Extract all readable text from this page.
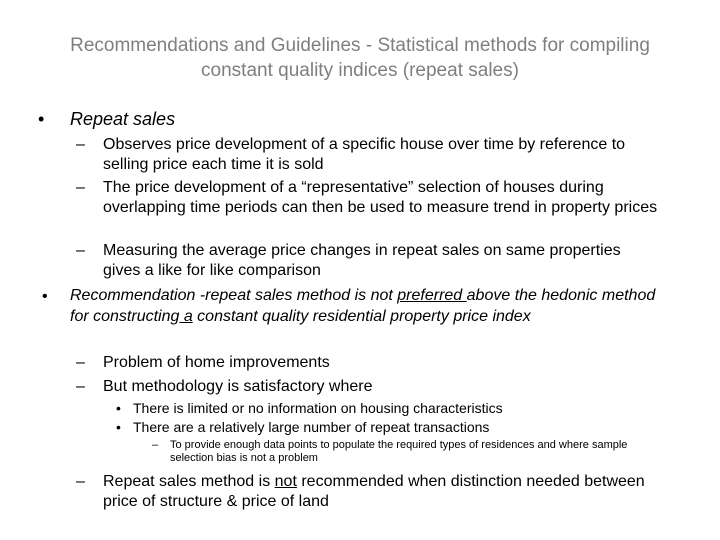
Recommendations and Guidelines - Statistical methods for compiling constant quality indices (repeat sales)
• Repeat sales
– Observes price development of a specific house over time by reference to selling price each time it is sold
– The price development of a “representative” selection of houses during overlapping time periods can then be used to measure trend in property prices
– Measuring the average price changes in repeat sales on same properties gives a like for like comparison
• Recommendation -repeat sales method is not preferred above the hedonic method for constructing a constant quality residential property price index
– Problem of home improvements
– But methodology is satisfactory where
• There is limited or no information on housing characteristics
• There are a relatively large number of repeat transactions
– To provide enough data points to populate the required types of residences and where sample selection bias is not a problem
– Repeat sales method is not recommended when distinction needed between price of structure & price of land
